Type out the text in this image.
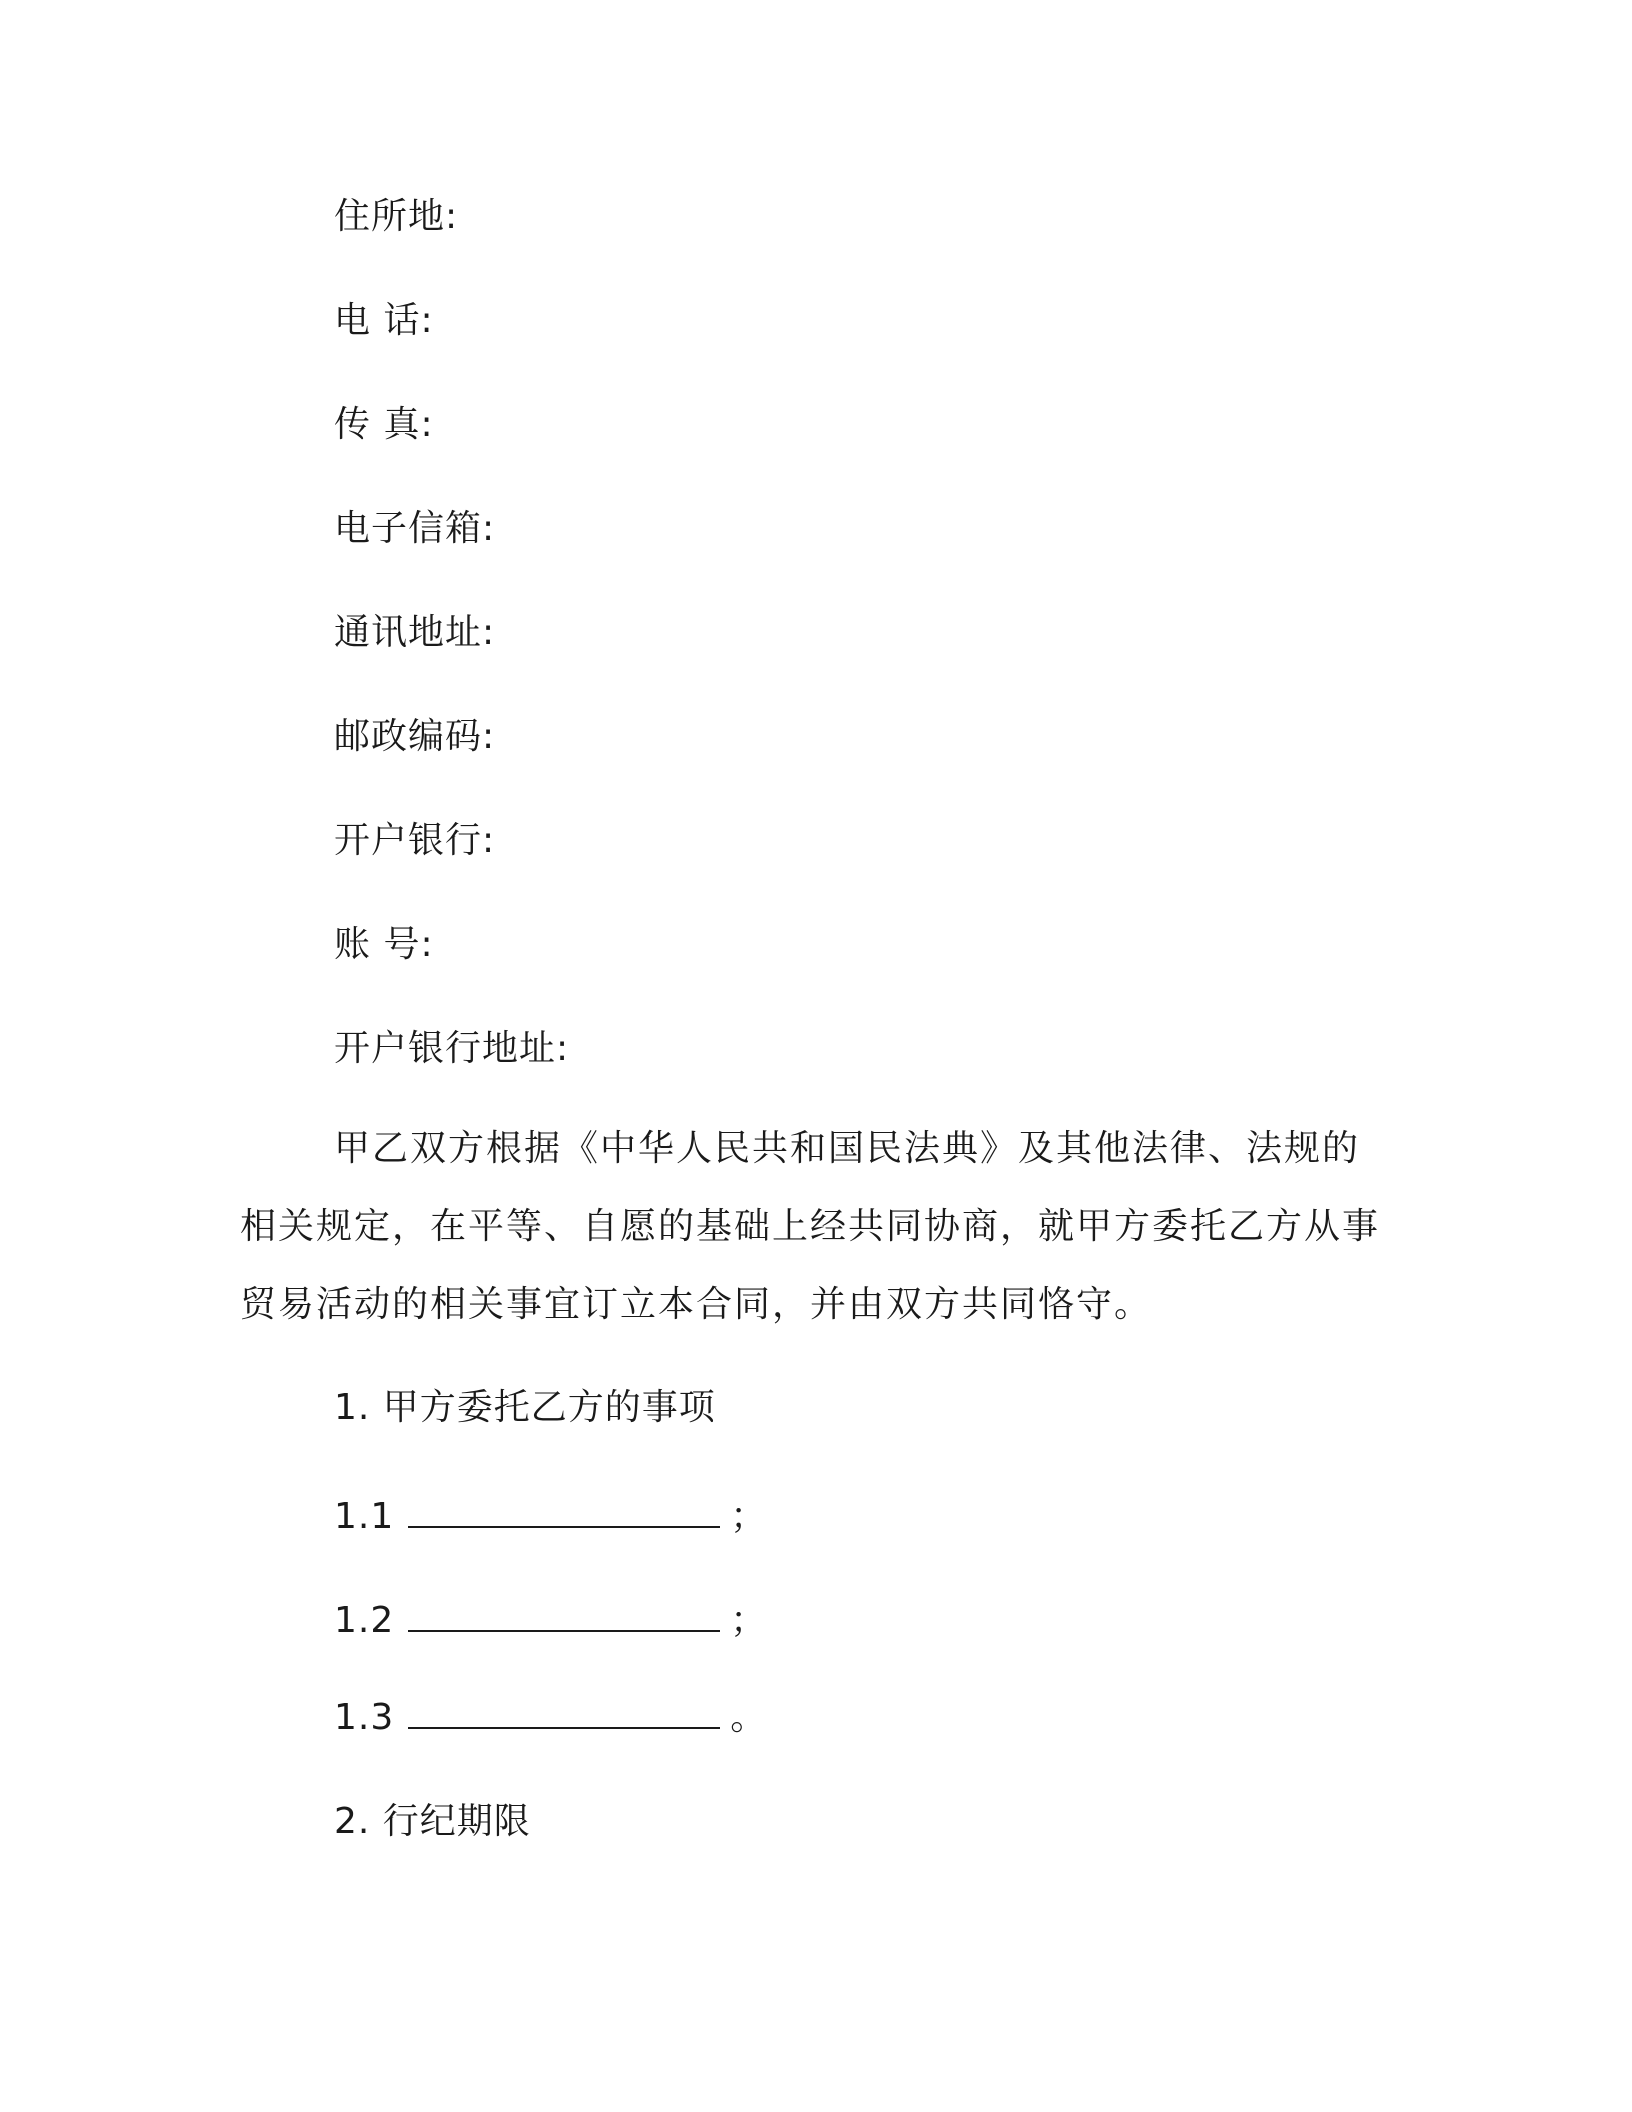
住所地:
电 话:
传 真:
电子信箱:
通讯地址:
邮政编码:
开户银行:
账 号:
开户银行地址:
甲乙双方根据《中华人民共和国民法典》及其他法律、法规的相关规定，在平等、自愿的基础上经共同协商，就甲方委托乙方从事贸易活动的相关事宜订立本合同，并由双方共同恪守。
1. 甲方委托乙方的事项
1.1	；
1.2	；
1.3	。
2. 行纪期限
